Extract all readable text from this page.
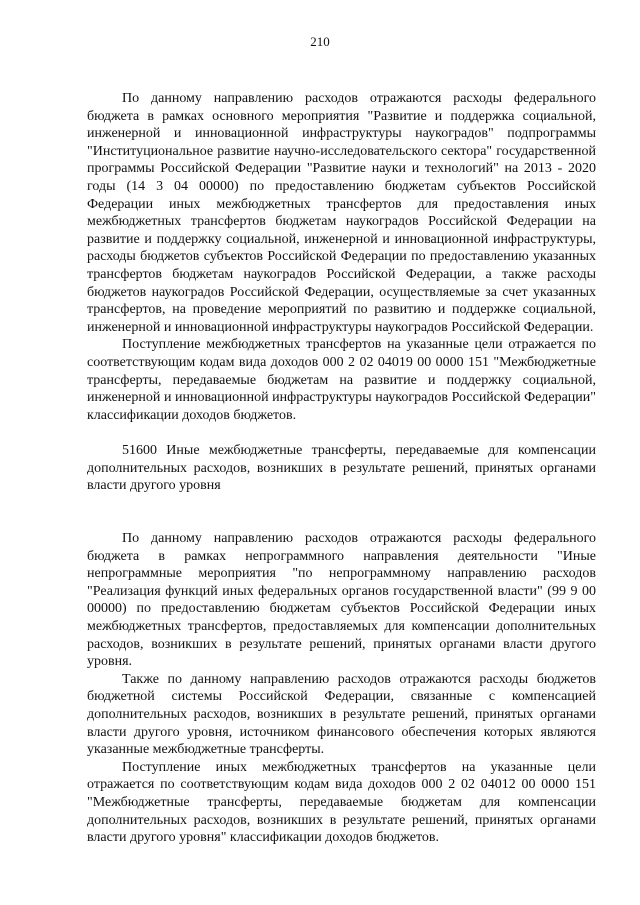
210

По данному направлению расходов отражаются расходы федерального бюджета в рамках основного мероприятия "Развитие и поддержка социальной, инженерной и инновационной инфраструктуры наукоградов" подпрограммы "Институциональное развитие научно-исследовательского сектора" государственной программы Российской Федерации "Развитие науки и технологий" на 2013 - 2020 годы (14 3 04 00000) по предоставлению бюджетам субъектов Российской Федерации иных межбюджетных трансфертов для предоставления иных межбюджетных трансфертов бюджетам наукоградов Российской Федерации на развитие и поддержку социальной, инженерной и инновационной инфраструктуры, расходы бюджетов субъектов Российской Федерации по предоставлению указанных трансфертов бюджетам наукоградов Российской Федерации, а также расходы бюджетов наукоградов Российской Федерации, осуществляемые за счет указанных трансфертов, на проведение мероприятий по развитию и поддержке социальной, инженерной и инновационной инфраструктуры наукоградов Российской Федерации.

Поступление межбюджетных трансфертов на указанные цели отражается по соответствующим кодам вида доходов 000 2 02 04019 00 0000 151 "Межбюджетные трансферты, передаваемые бюджетам на развитие и поддержку социальной, инженерной и инновационной инфраструктуры наукоградов Российской Федерации" классификации доходов бюджетов.

51600 Иные межбюджетные трансферты, передаваемые для компенсации дополнительных расходов, возникших в результате решений, принятых органами власти другого уровня

По данному направлению расходов отражаются расходы федерального бюджета в рамках непрограммного направления деятельности "Иные непрограммные мероприятия "по непрограммному направлению расходов "Реализация функций иных федеральных органов государственной власти" (99 9 00 00000) по предоставлению бюджетам субъектов Российской Федерации иных межбюджетных трансфертов, предоставляемых для компенсации дополнительных расходов, возникших в результате решений, принятых органами власти другого уровня.

Также по данному направлению расходов отражаются расходы бюджетов бюджетной системы Российской Федерации, связанные с компенсацией дополнительных расходов, возникших в результате решений, принятых органами власти другого уровня, источником финансового обеспечения которых являются указанные межбюджетные трансферты.

Поступление иных межбюджетных трансфертов на указанные цели отражается по соответствующим кодам вида доходов 000 2 02 04012 00 0000 151 "Межбюджетные трансферты, передаваемые бюджетам для компенсации дополнительных расходов, возникших в результате решений, принятых органами власти другого уровня" классификации доходов бюджетов.
